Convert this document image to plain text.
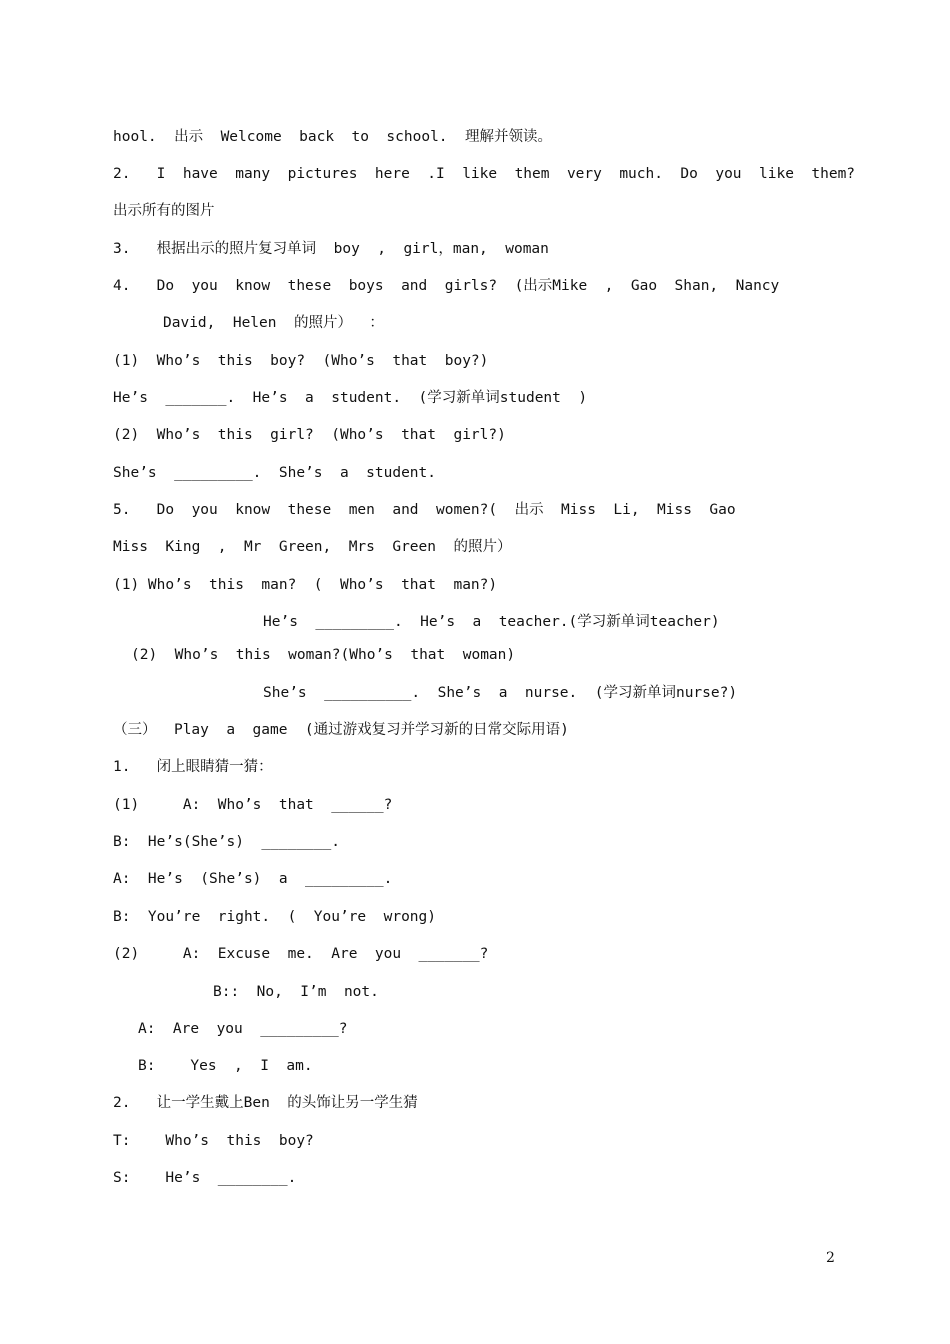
hool.  出示  Welcome  back  to  school.  理解并领读。
2.   I  have  many  pictures  here  .I  like  them  very  much.  Do  you  like  them?
出示所有的图片
3.   根据出示的照片复习单词  boy  ,  girl，man,  woman
4.   Do  you  know  these  boys  and  girls?  (出示Mike  ,  Gao  Shan,  Nancy
David,  Helen  的照片）  ：
(1)  Who’s  this  boy?  (Who’s  that  boy?)
He’s  _______.  He’s  a  student.  (学习新单词student  )
(2)  Who’s  this  girl?  (Who’s  that  girl?)
She’s  _________.  She’s  a  student.
5.   Do  you  know  these  men  and  women?(  出示  Miss  Li,  Miss  Gao
Miss  King  ,  Mr  Green,  Mrs  Green  的照片）
(1) Who’s  this  man?  (  Who’s  that  man?)
He’s  _________.  He’s  a  teacher.(学习新单词teacher)
(2)  Who’s  this  woman?(Who’s  that  woman)
She’s  __________.  She’s  a  nurse.  (学习新单词nurse?)
（三）  Play  a  game  (通过游戏复习并学习新的日常交际用语)
1.   闭上眼睛猜一猜：
(1)     A:  Who’s  that  ______?
B:  He’s(She’s)  ________.
A:  He’s  (She’s)  a  _________.
B:  You’re  right.  (  You’re  wrong)
(2)     A:  Excuse  me.  Are  you  _______?
B::  No,  I’m  not.
A:  Are  you  _________?
B:    Yes  ,  I  am.
2.   让一学生戴上Ben  的头饰让另一学生猜
T:    Who’s  this  boy?
S:    He’s  ________.
2
